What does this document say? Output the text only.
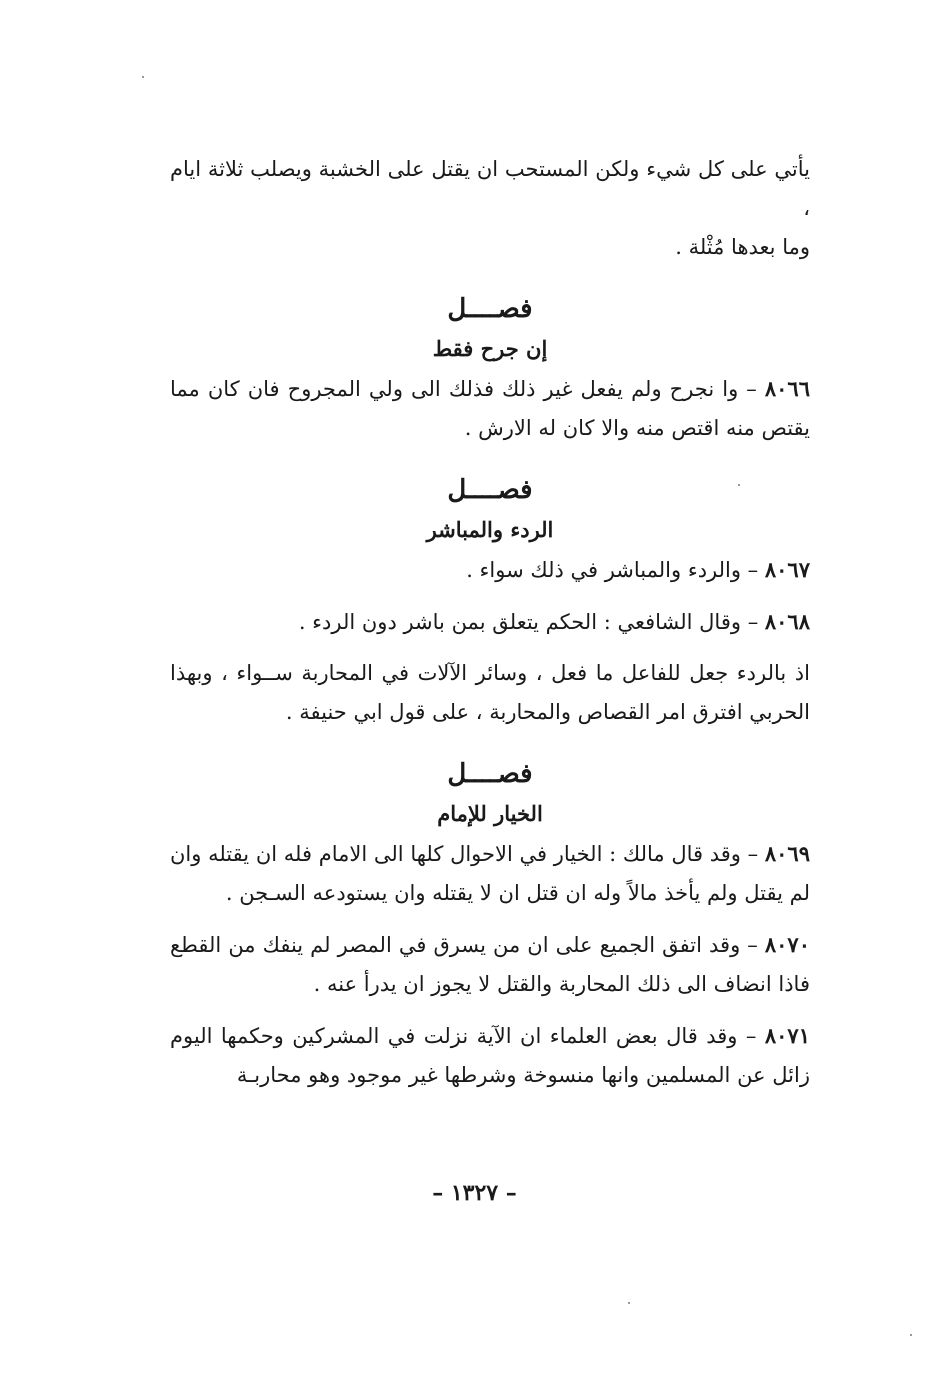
يأتي على كل شيء ولكن المستحب ان يقتل على الخشبة ويصلب ثلاثة ايام ،
وما بعدها مُثْلة .

فصــــل

إن جرح فقط

٨٠٦٦ – وا نجرح ولم يفعل غير ذلك فذلك الى ولي المجروح فان كان مما يقتص منه اقتص منه والا كان له الارش .

فصــــل

الردء والمباشر

٨٠٦٧ – والردء والمباشر في ذلك سواء .

٨٠٦٨ – وقال الشافعي : الحكم يتعلق بمن باشر دون الردء .

اذ بالردء جعل للفاعل ما فعل ، وسائر الآلات في المحاربة ســواء ، وبهذا الحربي افترق امر القصاص والمحاربة ، على قول ابي حنيفة .

فصــــل

الخيار للإمام

٨٠٦٩ – وقد قال مالك : الخيار في الاحوال كلها الى الامام فله ان يقتله وان لم يقتل ولم يأخذ مالاً وله ان قتل ان لا يقتله وان يستودعه السـجن .

٨٠٧٠ – وقد اتفق الجميع على ان من يسرق في المصر لم ينفك من القطع فاذا انضاف الى ذلك المحاربة والقتل لا يجوز ان يدرأ عنه .

٨٠٧١ – وقد قال بعض العلماء ان الآية نزلت في المشركين وحكمها اليوم زائل عن المسلمين وانها منسوخة وشرطها غير موجود وهو محاربـة

– ١٣٢٧ –
